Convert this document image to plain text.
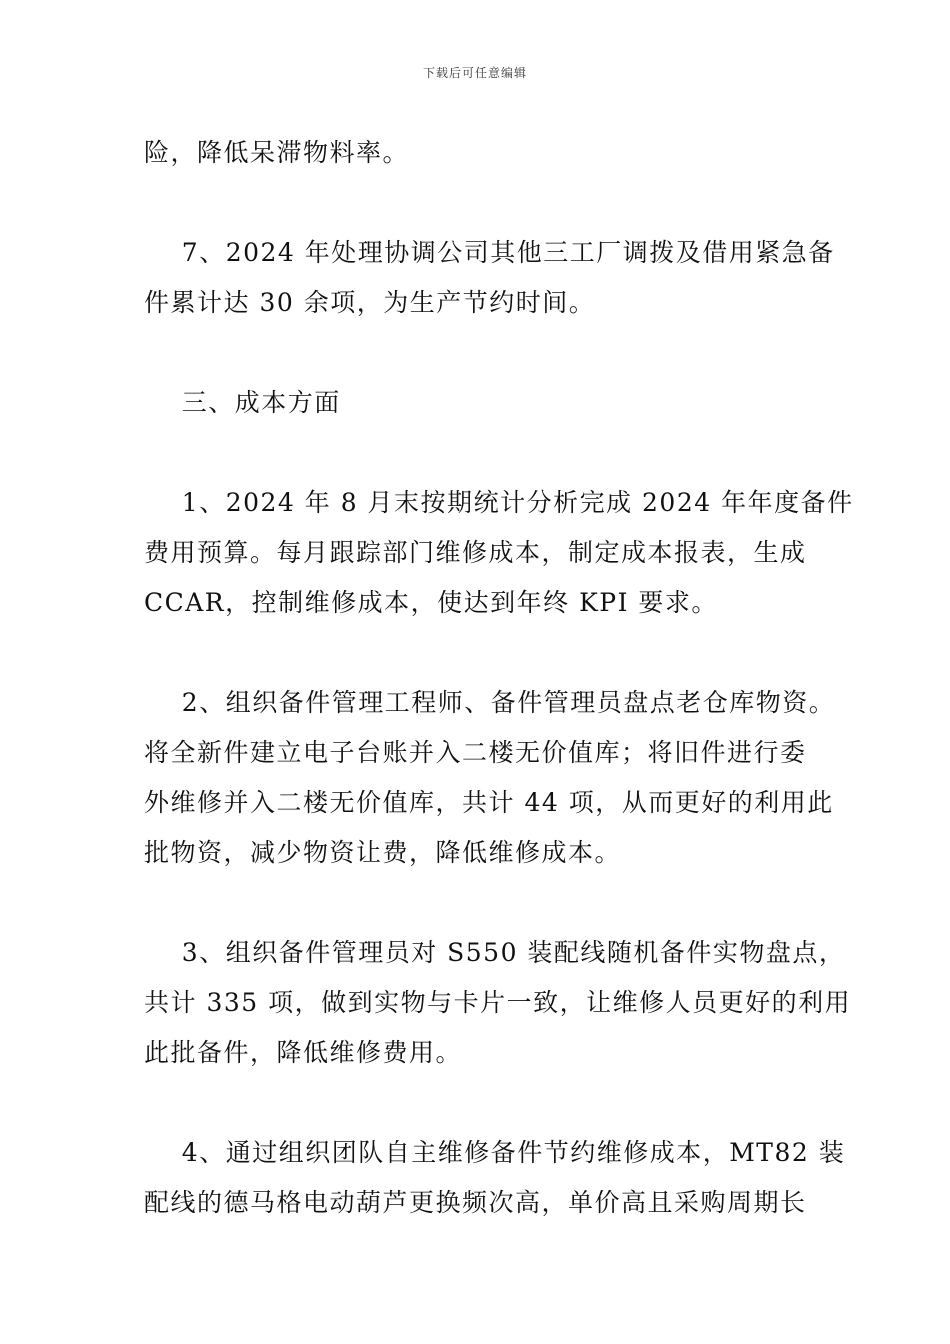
下载后可任意编辑

险，降低呆滞物料率。

7、2024 年处理协调公司其他三工厂调拨及借用紧急备

件累计达 30 余项，为生产节约时间。

三、成本方面

1、2024 年 8 月末按期统计分析完成 2024 年年度备件

费用预算。每月跟踪部门维修成本，制定成本报表，生成

CCAR，控制维修成本，使达到年终 KPI 要求。

2、组织备件管理工程师、备件管理员盘点老仓库物资。

将全新件建立电子台账并入二楼无价值库；将旧件进行委

外维修并入二楼无价值库，共计 44 项，从而更好的利用此

批物资，减少物资让费，降低维修成本。

3、组织备件管理员对 S550 装配线随机备件实物盘点，

共计 335 项，做到实物与卡片一致，让维修人员更好的利用

此批备件，降低维修费用。

4、通过组织团队自主维修备件节约维修成本，MT82 装

配线的德马格电动葫芦更换频次高，单价高且采购周期长
